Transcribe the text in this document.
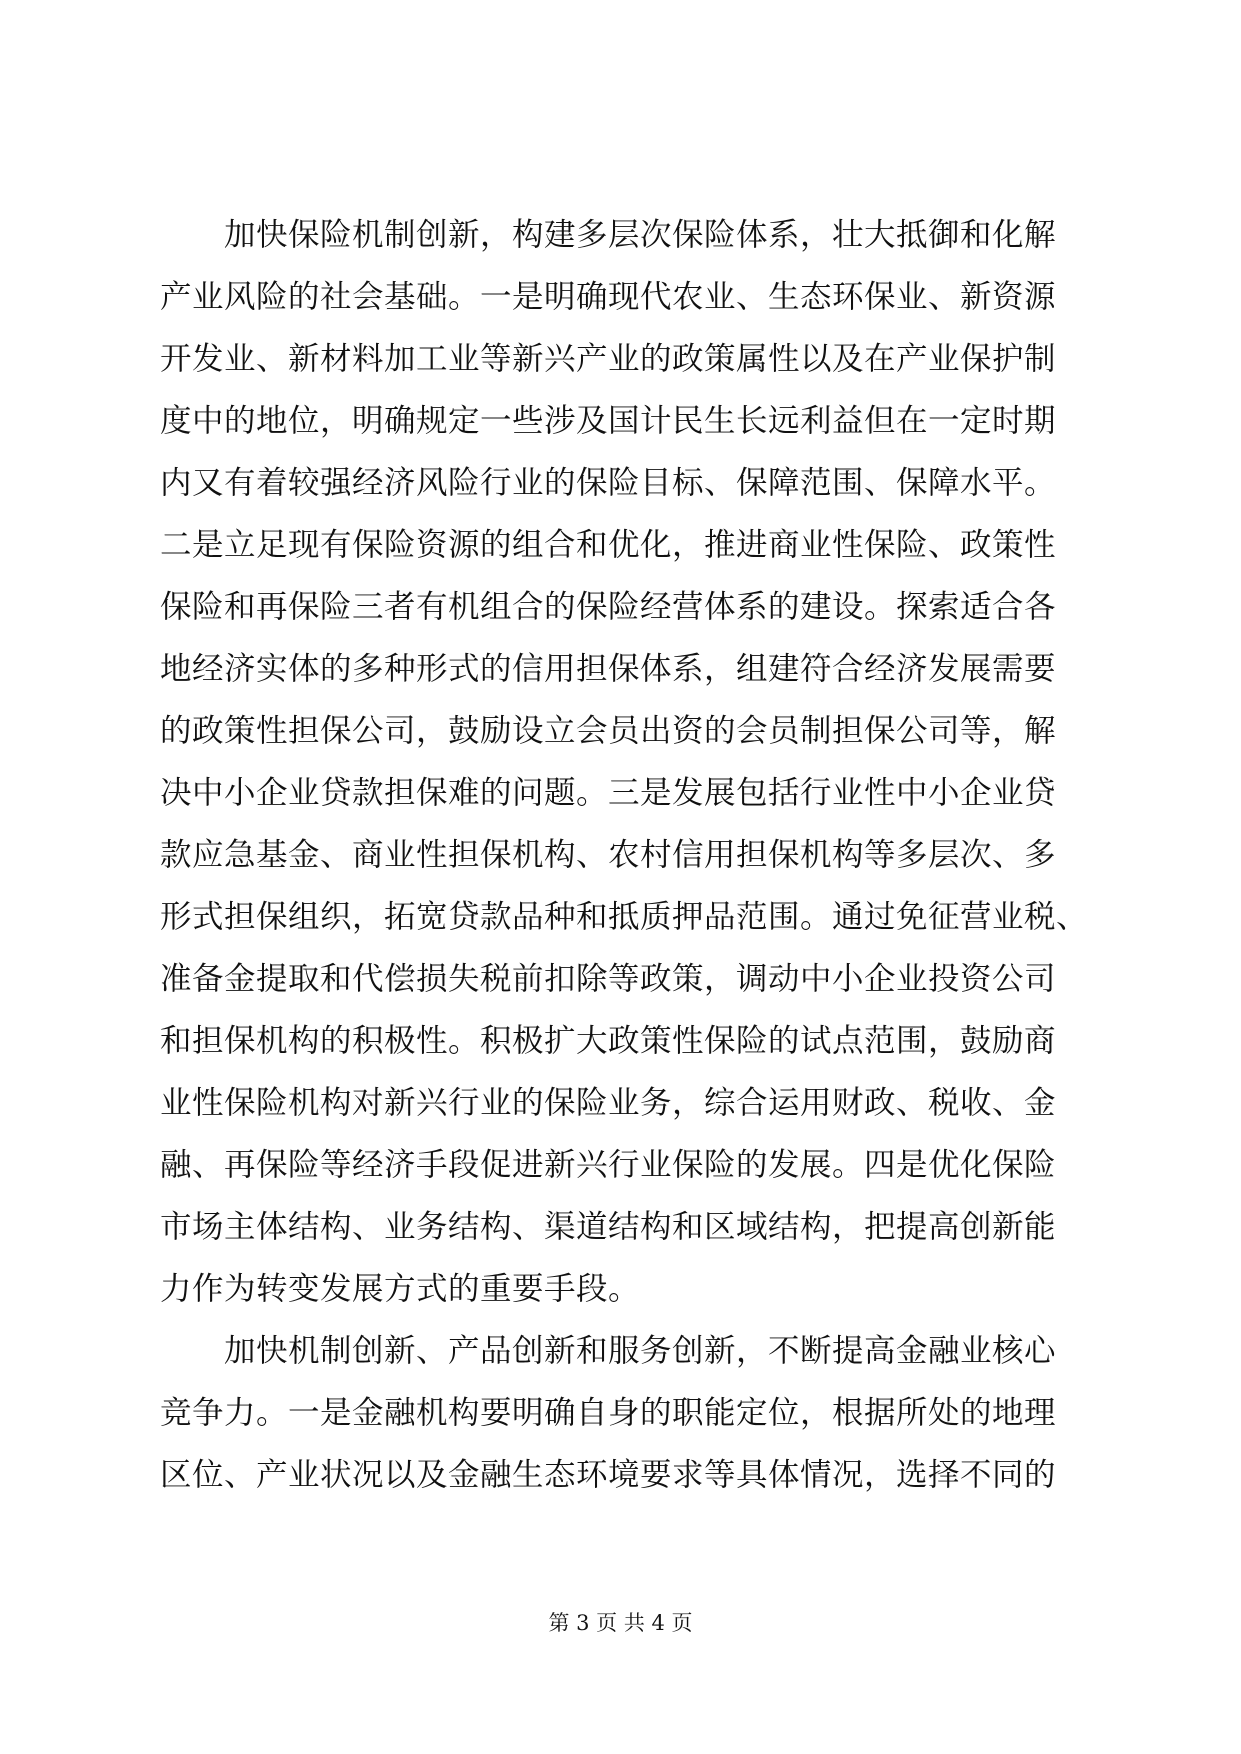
加快保险机制创新，构建多层次保险体系，壮大抵御和化解
产业风险的社会基础。一是明确现代农业、生态环保业、新资源
开发业、新材料加工业等新兴产业的政策属性以及在产业保护制
度中的地位，明确规定一些涉及国计民生长远利益但在一定时期
内又有着较强经济风险行业的保险目标、保障范围、保障水平。
二是立足现有保险资源的组合和优化，推进商业性保险、政策性
保险和再保险三者有机组合的保险经营体系的建设。探索适合各
地经济实体的多种形式的信用担保体系，组建符合经济发展需要
的政策性担保公司，鼓励设立会员出资的会员制担保公司等，解
决中小企业贷款担保难的问题。三是发展包括行业性中小企业贷
款应急基金、商业性担保机构、农村信用担保机构等多层次、多
形式担保组织，拓宽贷款品种和抵质押品范围。通过免征营业税、
准备金提取和代偿损失税前扣除等政策，调动中小企业投资公司
和担保机构的积极性。积极扩大政策性保险的试点范围，鼓励商
业性保险机构对新兴行业的保险业务，综合运用财政、税收、金
融、再保险等经济手段促进新兴行业保险的发展。四是优化保险
市场主体结构、业务结构、渠道结构和区域结构，把提高创新能
力作为转变发展方式的重要手段。
加快机制创新、产品创新和服务创新，不断提高金融业核心
竞争力。一是金融机构要明确自身的职能定位，根据所处的地理
区位、产业状况以及金融生态环境要求等具体情况，选择不同的
第 3 页 共 4 页
